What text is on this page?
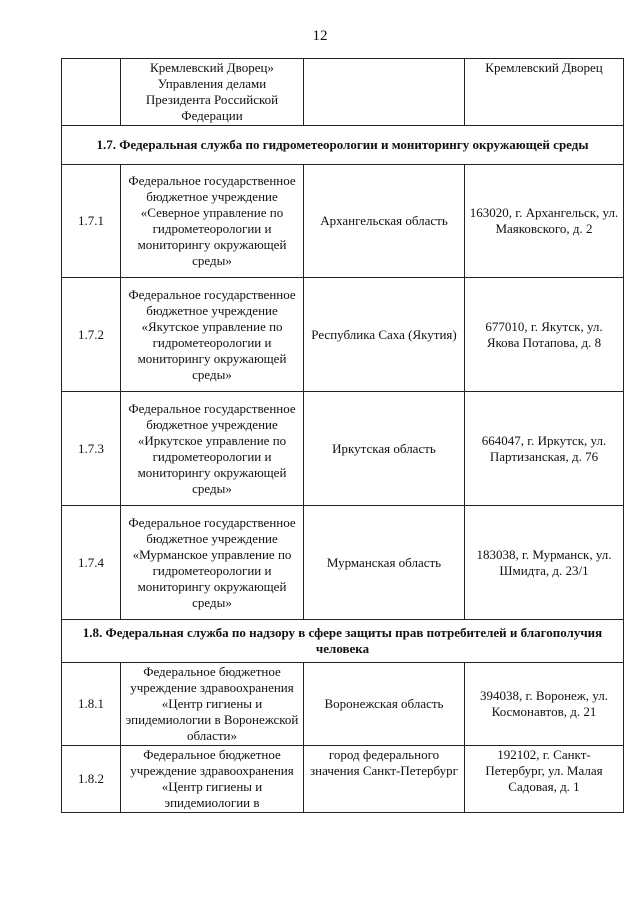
12
	Кремлевский Дворец» Управления делами Президента Российской Федерации		Кремлевский Дворец
1.7. Федеральная служба по гидрометеорологии и мониторингу окружающей среды			
1.7.1	Федеральное государственное бюджетное учреждение «Северное управление по гидрометеорологии и мониторингу окружающей среды»	Архангельская область	163020, г. Архангельск, ул. Маяковского, д. 2
1.7.2	Федеральное государственное бюджетное учреждение «Якутское управление по гидрометеорологии и мониторингу окружающей среды»	Республика Саха (Якутия)	677010, г. Якутск, ул. Якова Потапова, д. 8
1.7.3	Федеральное государственное бюджетное учреждение «Иркутское управление по гидрометеорологии и мониторингу окружающей среды»	Иркутская область	664047, г. Иркутск, ул. Партизанская, д. 76
1.7.4	Федеральное государственное бюджетное учреждение «Мурманское управление по гидрометеорологии и мониторингу окружающей среды»	Мурманская область	183038, г. Мурманск, ул. Шмидта, д. 23/1
1.8. Федеральная служба по надзору в сфере защиты прав потребителей и благополучия человека			
1.8.1	Федеральное бюджетное учреждение здравоохранения «Центр гигиены и эпидемиологии в Воронежской области»	Воронежская область	394038, г. Воронеж, ул. Космонавтов, д. 21
1.8.2	Федеральное бюджетное учреждение здравоохранения «Центр гигиены и эпидемиологии в	город федерального значения Санкт-Петербург	192102, г. Санкт-Петербург, ул. Малая Садовая, д. 1
